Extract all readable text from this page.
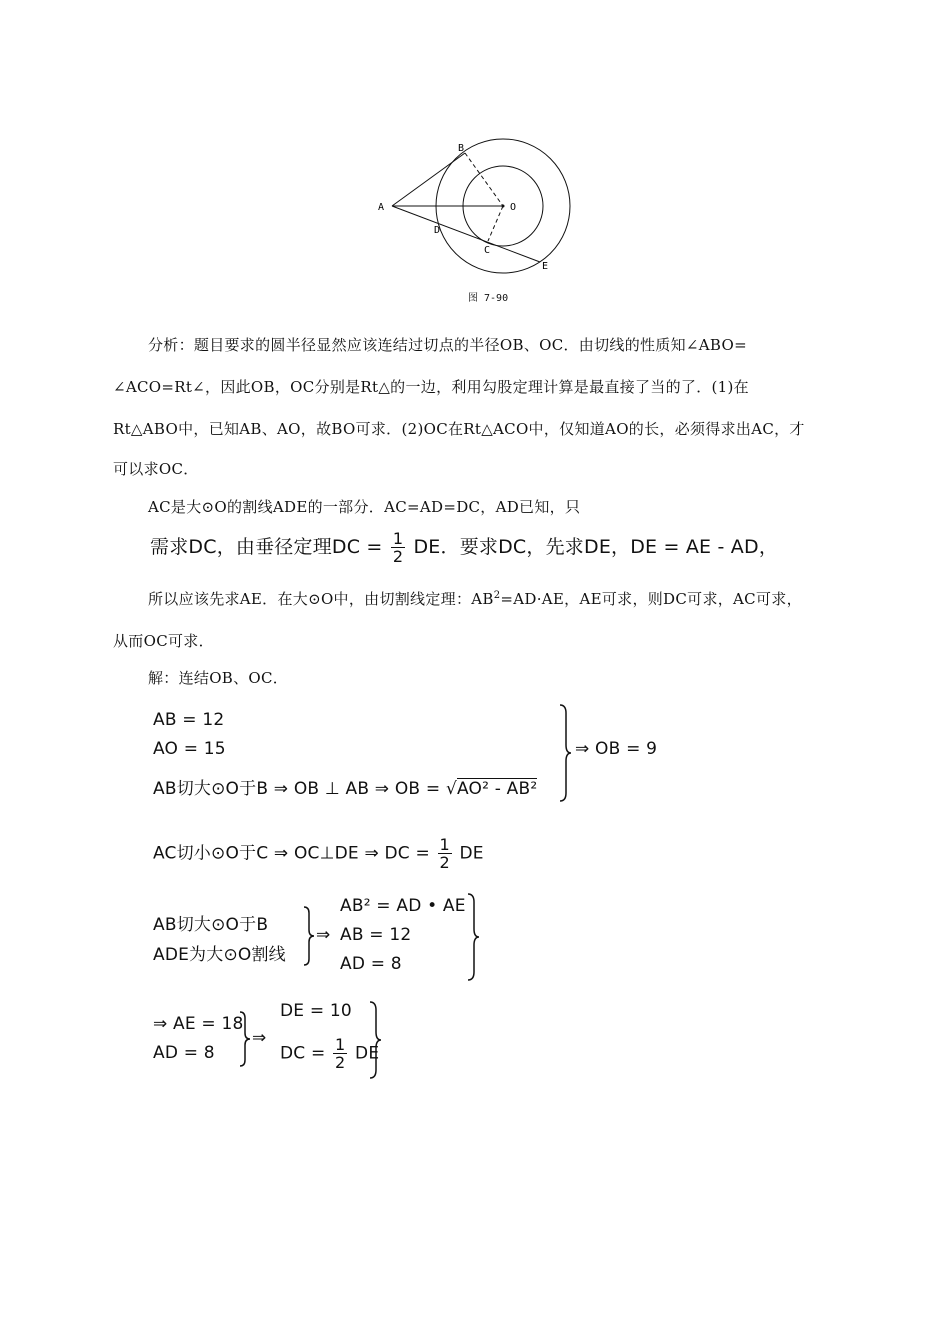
A
B
O
D
C
E
图 7-90
分析：题目要求的圆半径显然应该连结过切点的半径OB、OC．由切线的性质知∠ABO=
∠ACO=Rt∠，因此OB，OC分别是Rt△的一边，利用勾股定理计算是最直接了当的了．(1)在
Rt△ABO中，已知AB、AO，故BO可求．(2)OC在Rt△ACO中，仅知道AO的长，必须得求出AC，才
可以求OC．
AC是大⊙O的割线ADE的一部分．AC=AD=DC，AD已知，只
需求DC，由垂径定理DC = $\frac{1}{2}$ DE．要求DC，先求DE，DE = AE - AD，
所以应该先求AE．在大⊙O中，由切割线定理：$AB^2=AD\cdot AE$，AE可求，则DC可求，AC可求，
从而OC可求．
解：连结OB、OC．
AB = 12
AO = 15
AB切大⊙O于B ⇒ OB ⊥ AB ⇒ OB = √AO² - AB²
⇒ OB = 9
AC切小⊙O于C ⇒ OC⊥DE ⇒ DC = $\frac{1}{2}$ DE
AB切大⊙O于B
ADE为大⊙O割线
⇒
AB² = AD • AE
AB = 12
AD = 8
⇒ AE = 18
AD = 8
⇒
DE = 10
DC = $\frac{1}{2}$ DE
